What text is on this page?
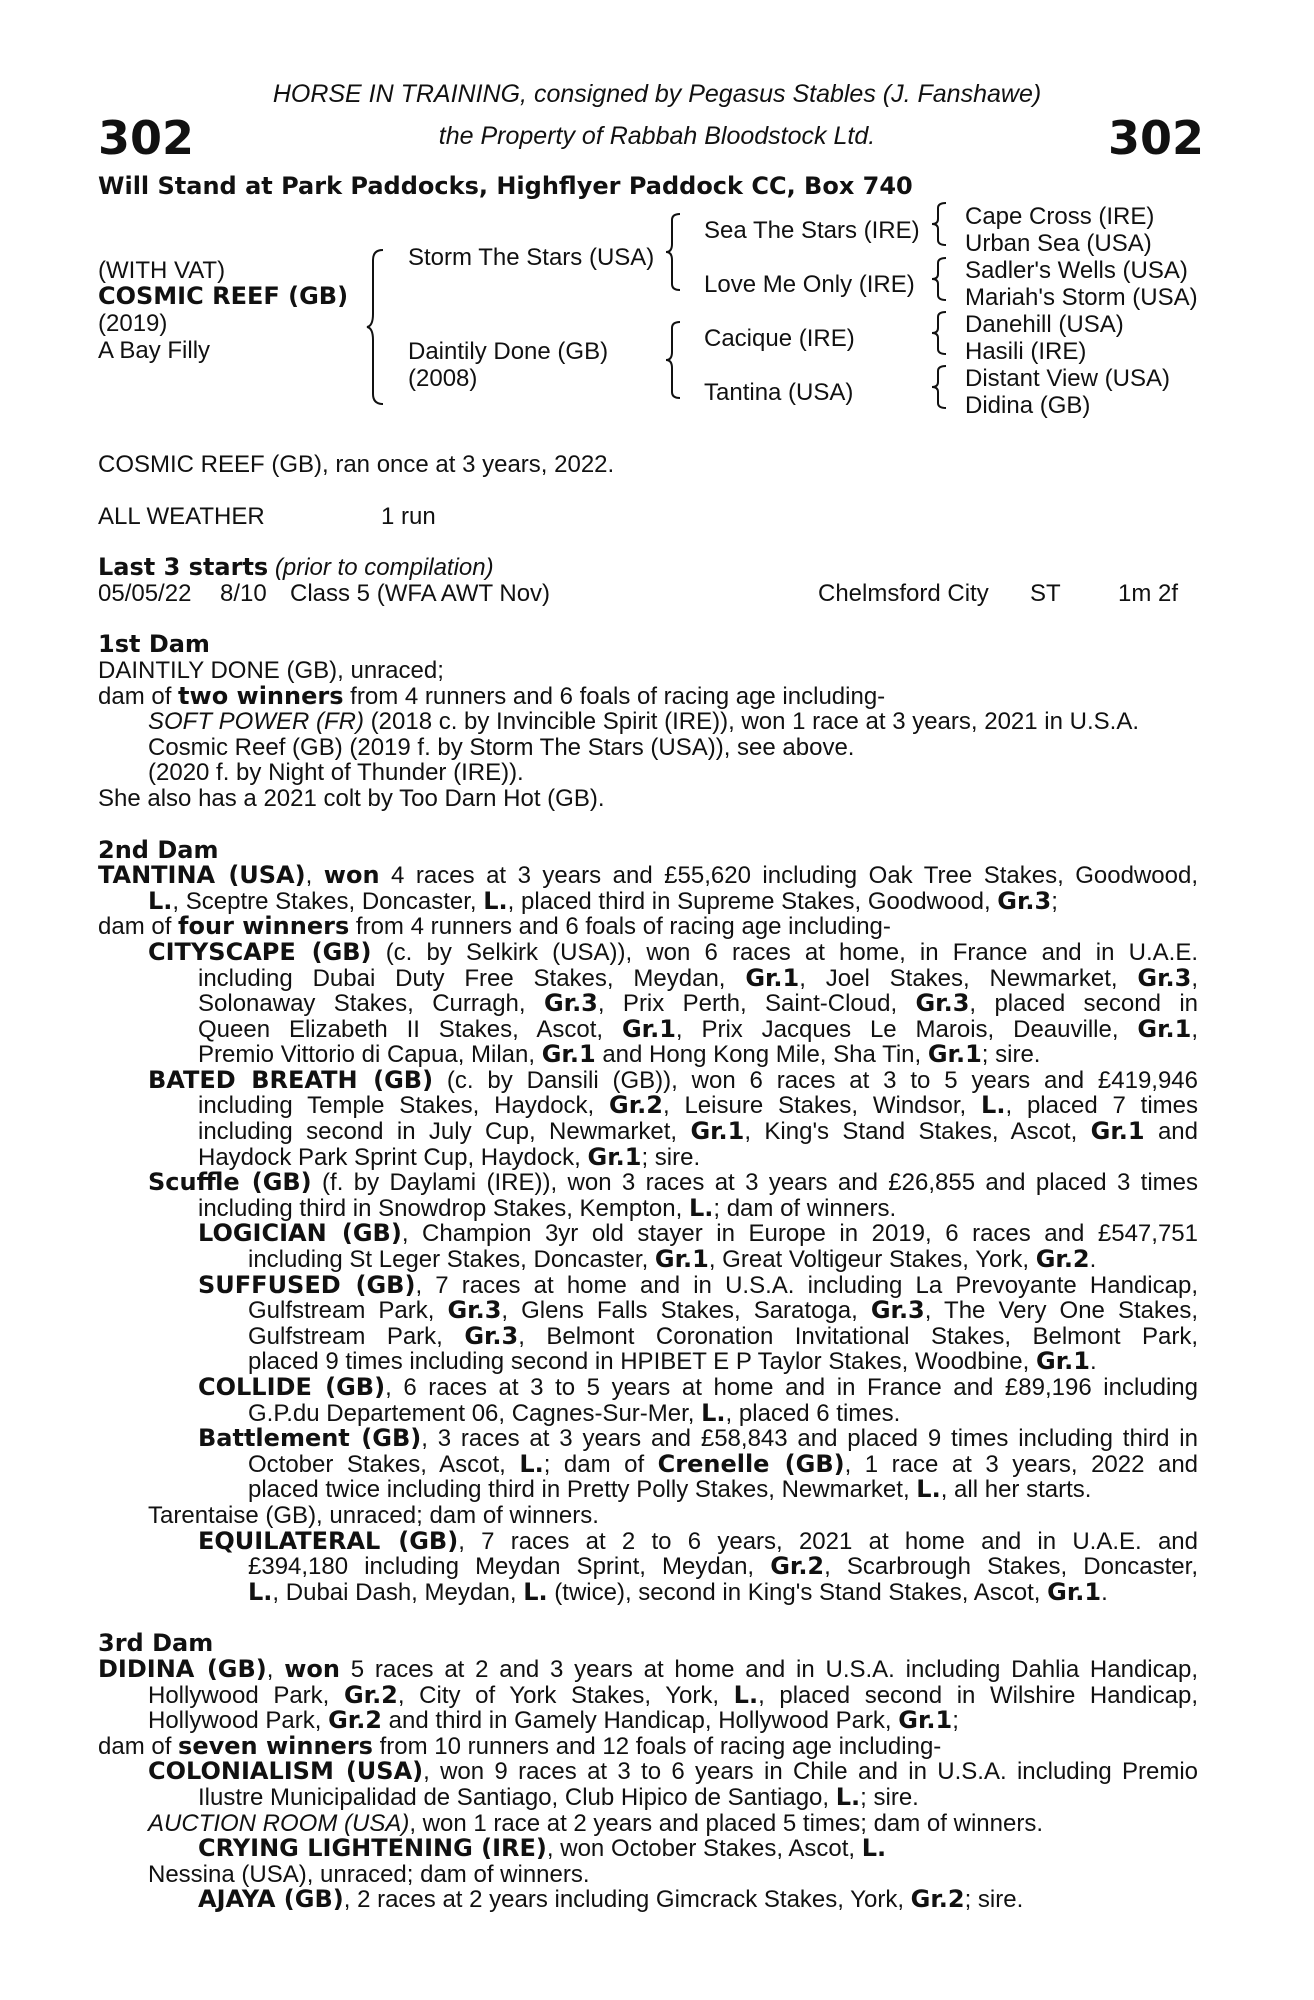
302	302
HORSE IN TRAINING, consigned by Pegasus Stables (J. Fanshawe)
the Property of Rabbah Bloodstock Ltd.
Will Stand at Park Paddocks, Highflyer Paddock CC, Box 740
(WITH VAT)
COSMIC REEF (GB)
(2019)
A Bay Filly
Storm The Stars (USA)
Daintily Done (GB)
(2008)
Sea The Stars (IRE)
Love Me Only (IRE)
Cacique (IRE)
Tantina (USA)
Cape Cross (IRE)
Urban Sea (USA)
Sadler's Wells (USA)
Mariah's Storm (USA)
Danehill (USA)
Hasili (IRE)
Distant View (USA)
Didina (GB)
COSMIC REEF (GB), ran once at 3 years, 2022.
ALL WEATHER	1 run
Last 3 starts (prior to compilation)
05/05/22 8/10 Class 5 (WFA AWT Nov)	Chelmsford City ST 1m 2f
1st Dam
DAINTILY DONE (GB), unraced;
dam of two winners from 4 runners and 6 foals of racing age including-
SOFT POWER (FR) (2018 c. by Invincible Spirit (IRE)), won 1 race at 3 years, 2021 in U.S.A.
Cosmic Reef (GB) (2019 f. by Storm The Stars (USA)), see above.
(2020 f. by Night of Thunder (IRE)).
She also has a 2021 colt by Too Darn Hot (GB).
2nd Dam
TANTINA (USA), won 4 races at 3 years and £55,620 including Oak Tree Stakes, Goodwood,
L., Sceptre Stakes, Doncaster, L., placed third in Supreme Stakes, Goodwood, Gr.3;
dam of four winners from 4 runners and 6 foals of racing age including-
CITYSCAPE (GB) (c. by Selkirk (USA)), won 6 races at home, in France and in U.A.E.
including Dubai Duty Free Stakes, Meydan, Gr.1, Joel Stakes, Newmarket, Gr.3,
Solonaway Stakes, Curragh, Gr.3, Prix Perth, Saint-Cloud, Gr.3, placed second in
Queen Elizabeth II Stakes, Ascot, Gr.1, Prix Jacques Le Marois, Deauville, Gr.1,
Premio Vittorio di Capua, Milan, Gr.1 and Hong Kong Mile, Sha Tin, Gr.1; sire.
BATED BREATH (GB) (c. by Dansili (GB)), won 6 races at 3 to 5 years and £419,946
including Temple Stakes, Haydock, Gr.2, Leisure Stakes, Windsor, L., placed 7 times
including second in July Cup, Newmarket, Gr.1, King's Stand Stakes, Ascot, Gr.1 and
Haydock Park Sprint Cup, Haydock, Gr.1; sire.
Scuffle (GB) (f. by Daylami (IRE)), won 3 races at 3 years and £26,855 and placed 3 times
including third in Snowdrop Stakes, Kempton, L.; dam of winners.
LOGICIAN (GB), Champion 3yr old stayer in Europe in 2019, 6 races and £547,751
including St Leger Stakes, Doncaster, Gr.1, Great Voltigeur Stakes, York, Gr.2.
SUFFUSED (GB), 7 races at home and in U.S.A. including La Prevoyante Handicap,
Gulfstream Park, Gr.3, Glens Falls Stakes, Saratoga, Gr.3, The Very One Stakes,
Gulfstream Park, Gr.3, Belmont Coronation Invitational Stakes, Belmont Park,
placed 9 times including second in HPIBET E P Taylor Stakes, Woodbine, Gr.1.
COLLIDE (GB), 6 races at 3 to 5 years at home and in France and £89,196 including
G.P.du Departement 06, Cagnes-Sur-Mer, L., placed 6 times.
Battlement (GB), 3 races at 3 years and £58,843 and placed 9 times including third in
October Stakes, Ascot, L.; dam of Crenelle (GB), 1 race at 3 years, 2022 and
placed twice including third in Pretty Polly Stakes, Newmarket, L., all her starts.
Tarentaise (GB), unraced; dam of winners.
EQUILATERAL (GB), 7 races at 2 to 6 years, 2021 at home and in U.A.E. and
£394,180 including Meydan Sprint, Meydan, Gr.2, Scarbrough Stakes, Doncaster,
L., Dubai Dash, Meydan, L. (twice), second in King's Stand Stakes, Ascot, Gr.1.
3rd Dam
DIDINA (GB), won 5 races at 2 and 3 years at home and in U.S.A. including Dahlia Handicap,
Hollywood Park, Gr.2, City of York Stakes, York, L., placed second in Wilshire Handicap,
Hollywood Park, Gr.2 and third in Gamely Handicap, Hollywood Park, Gr.1;
dam of seven winners from 10 runners and 12 foals of racing age including-
COLONIALISM (USA), won 9 races at 3 to 6 years in Chile and in U.S.A. including Premio
Ilustre Municipalidad de Santiago, Club Hipico de Santiago, L.; sire.
AUCTION ROOM (USA), won 1 race at 2 years and placed 5 times; dam of winners.
CRYING LIGHTENING (IRE), won October Stakes, Ascot, L.
Nessina (USA), unraced; dam of winners.
AJAYA (GB), 2 races at 2 years including Gimcrack Stakes, York, Gr.2; sire.
